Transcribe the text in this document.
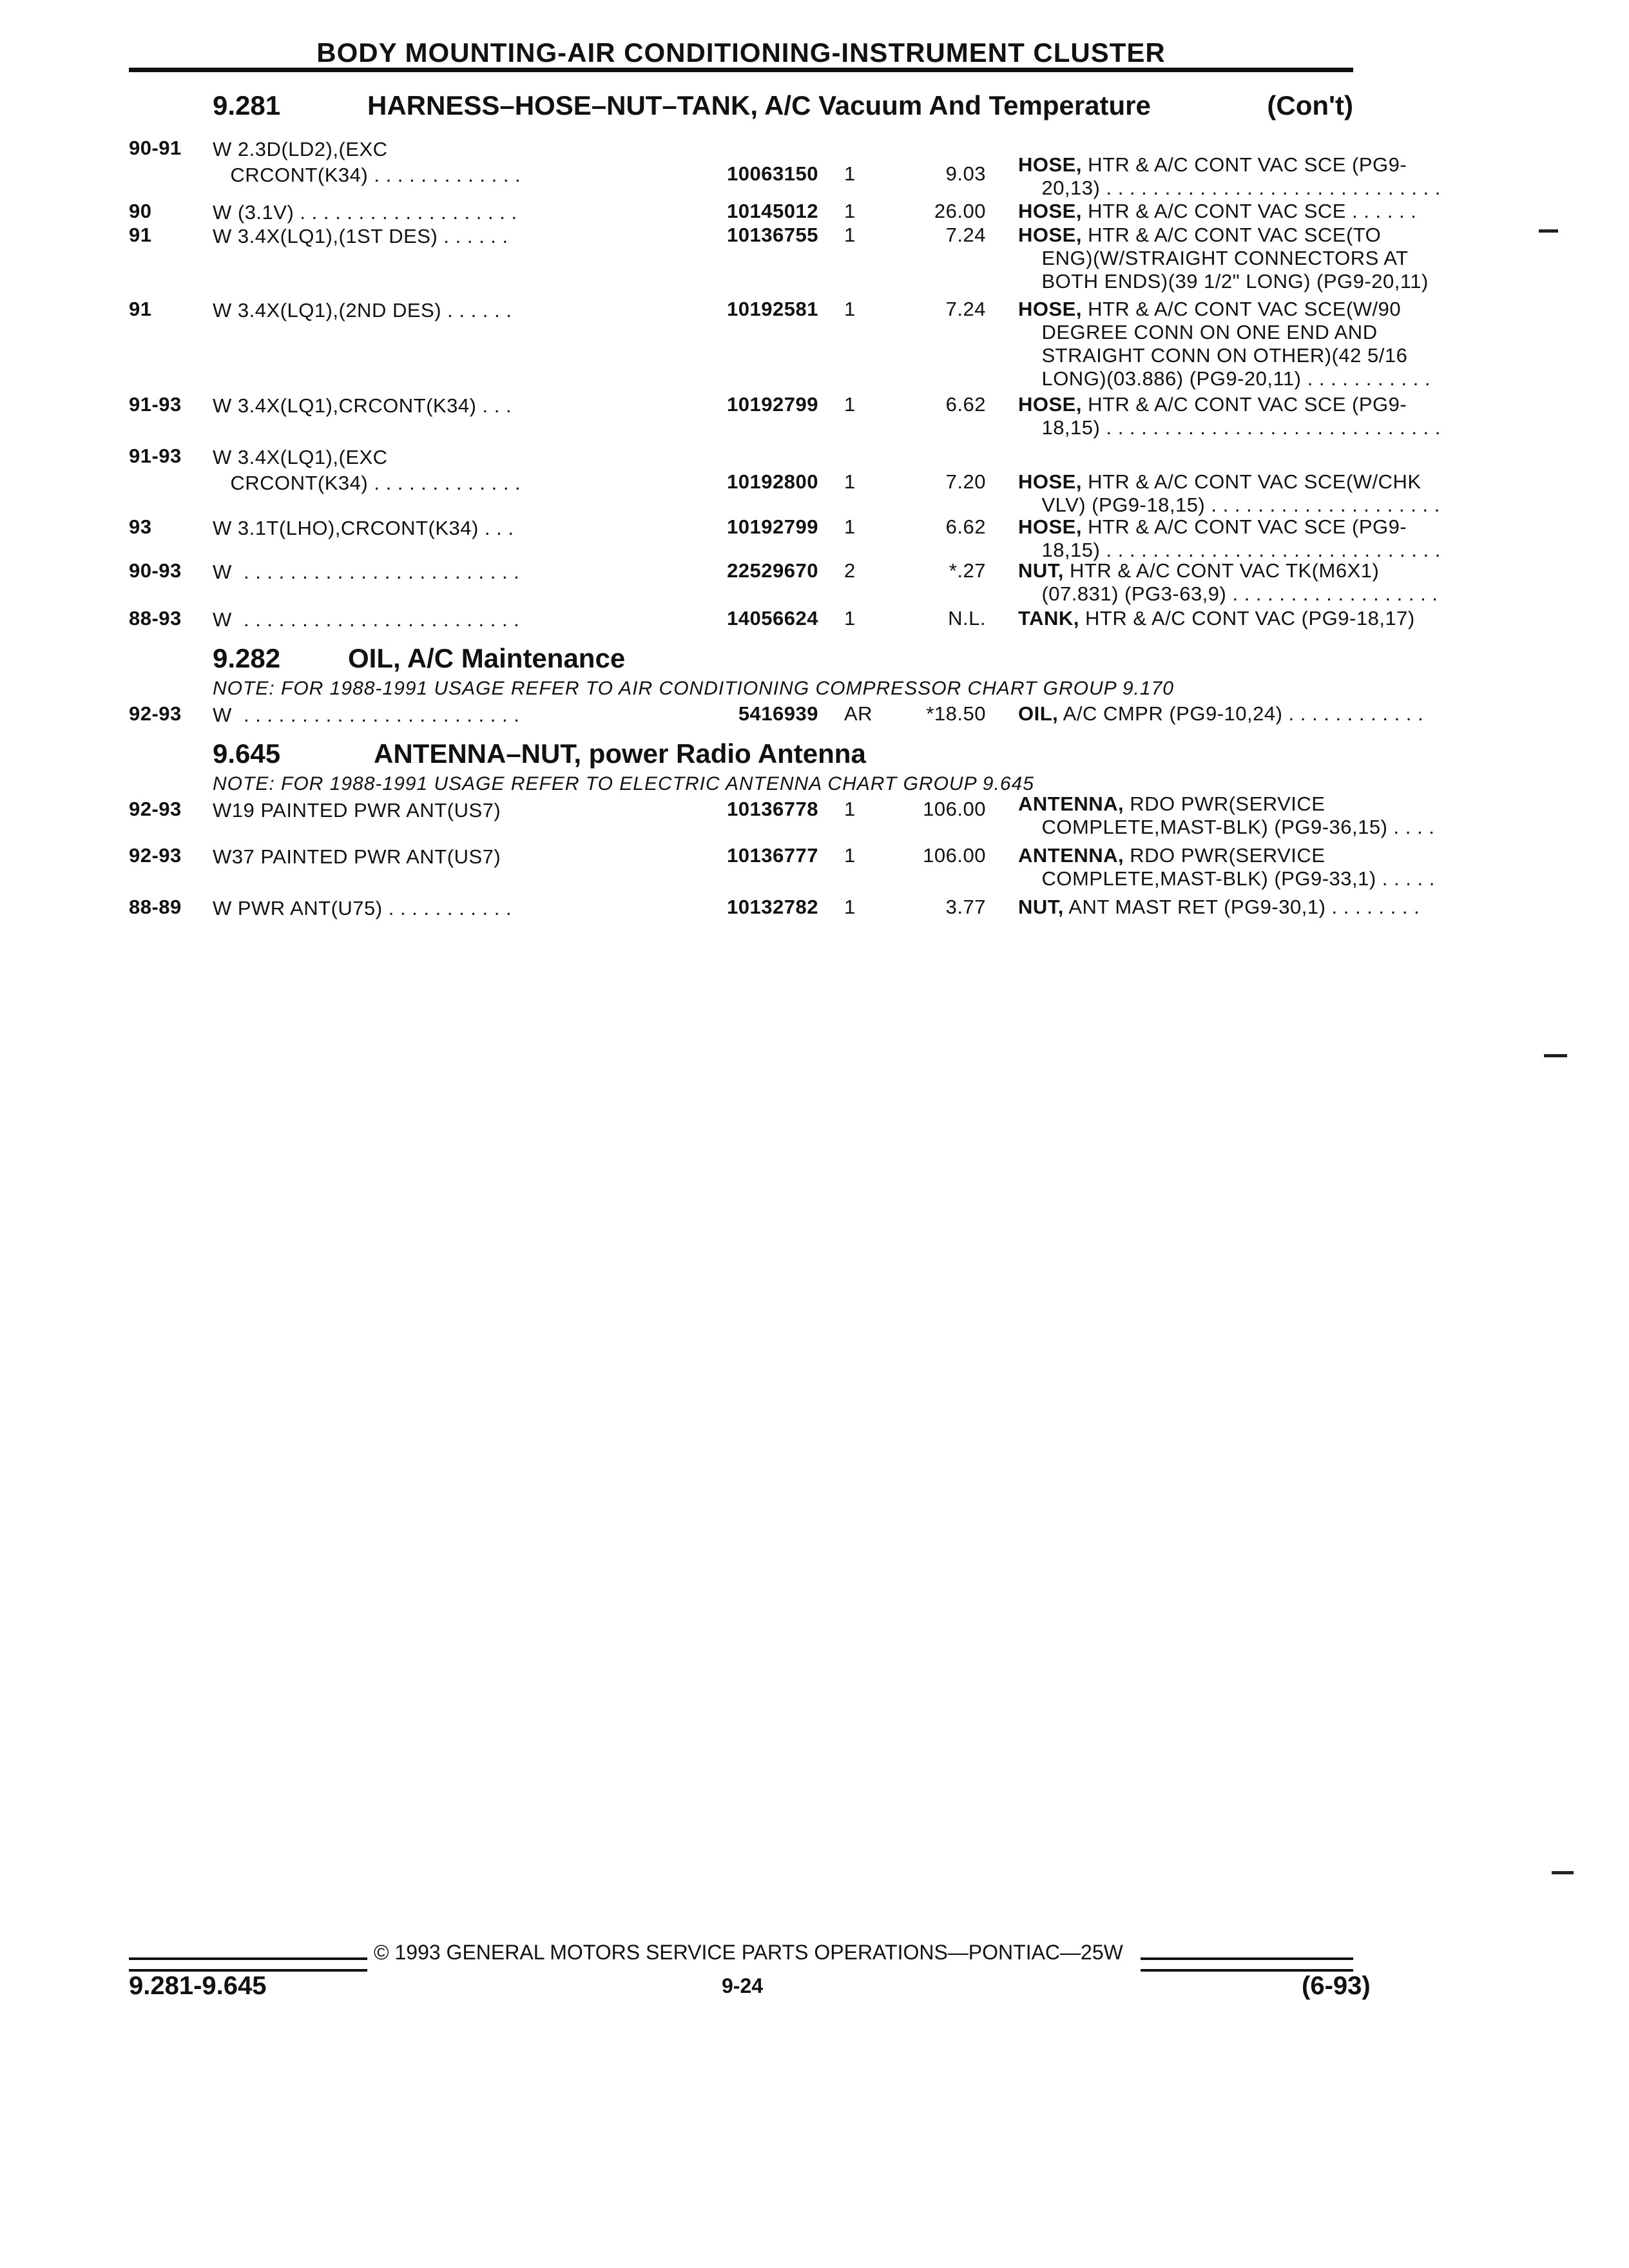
BODY MOUNTING-AIR CONDITIONING-INSTRUMENT CLUSTER
9.281	HARNESS–HOSE–NUT–TANK, A/C Vacuum And Temperature	(Con't)
90-91 W 2.3D(LD2),(EXC
CRCONT(K34) . . . . . . . . . . . . .	10063150 1	9.03 HOSE, HTR & A/C CONT VAC SCE (PG9-
20,13) . . . . . . . . . . . . . . . . . . . . . . . . . . . . .
90	W (3.1V) . . . . . . . . . . . . . . . . . . .	10145012 1	26.00 HOSE, HTR & A/C CONT VAC SCE . . . . . .
91	W 3.4X(LQ1),(1ST DES) . . . . . .	10136755 1	7.24 HOSE, HTR & A/C CONT VAC SCE(TO
ENG)(W/STRAIGHT CONNECTORS AT
BOTH ENDS)(39 1/2" LONG) (PG9-20,11)
91	W 3.4X(LQ1),(2ND DES) . . . . . .	10192581 1	7.24 HOSE, HTR & A/C CONT VAC SCE(W/90
DEGREE CONN ON ONE END AND
STRAIGHT CONN ON OTHER)(42 5/16
LONG)(03.886) (PG9-20,11) . . . . . . . . . . .
91-93 W 3.4X(LQ1),CRCONT(K34) . . .	10192799 1	6.62 HOSE, HTR & A/C CONT VAC SCE (PG9-
18,15) . . . . . . . . . . . . . . . . . . . . . . . . . . . . .
91-93 W 3.4X(LQ1),(EXC
CRCONT(K34) . . . . . . . . . . . . .	10192800 1	7.20 HOSE, HTR & A/C CONT VAC SCE(W/CHK
VLV) (PG9-18,15) . . . . . . . . . . . . . . . . . . . .
93	W 3.1T(LHO),CRCONT(K34) . . .	10192799 1	6.62 HOSE, HTR & A/C CONT VAC SCE (PG9-
18,15) . . . . . . . . . . . . . . . . . . . . . . . . . . . . .
90-93 W  . . . . . . . . . . . . . . . . . . . . . . . .	22529670 2	*.27 NUT, HTR & A/C CONT VAC TK(M6X1)
(07.831) (PG3-63,9) . . . . . . . . . . . . . . . . . .
88-93 W  . . . . . . . . . . . . . . . . . . . . . . . .	14056624 1	N.L. TANK, HTR & A/C CONT VAC (PG9-18,17)
9.282 OIL, A/C Maintenance
NOTE: FOR 1988-1991 USAGE REFER TO AIR CONDITIONING COMPRESSOR CHART GROUP 9.170
92-93 W  . . . . . . . . . . . . . . . . . . . . . . . .	5416939 AR	*18.50 OIL, A/C CMPR (PG9-10,24) . . . . . . . . . . . .
9.645	ANTENNA–NUT, power Radio Antenna
NOTE: FOR 1988-1991 USAGE REFER TO ELECTRIC ANTENNA CHART GROUP 9.645
92-93 W19 PAINTED PWR ANT(US7)	10136778 1	106.00 ANTENNA, RDO PWR(SERVICE
COMPLETE,MAST-BLK) (PG9-36,15) . . . .
92-93 W37 PAINTED PWR ANT(US7)	10136777 1	106.00 ANTENNA, RDO PWR(SERVICE
COMPLETE,MAST-BLK) (PG9-33,1) . . . . .
88-89 W PWR ANT(U75) . . . . . . . . . . .	10132782 1	3.77 NUT, ANT MAST RET (PG9-30,1) . . . . . . . .
© 1993 GENERAL MOTORS SERVICE PARTS OPERATIONS—PONTIAC—25W
9.281-9.645	9-24	(6-93)
